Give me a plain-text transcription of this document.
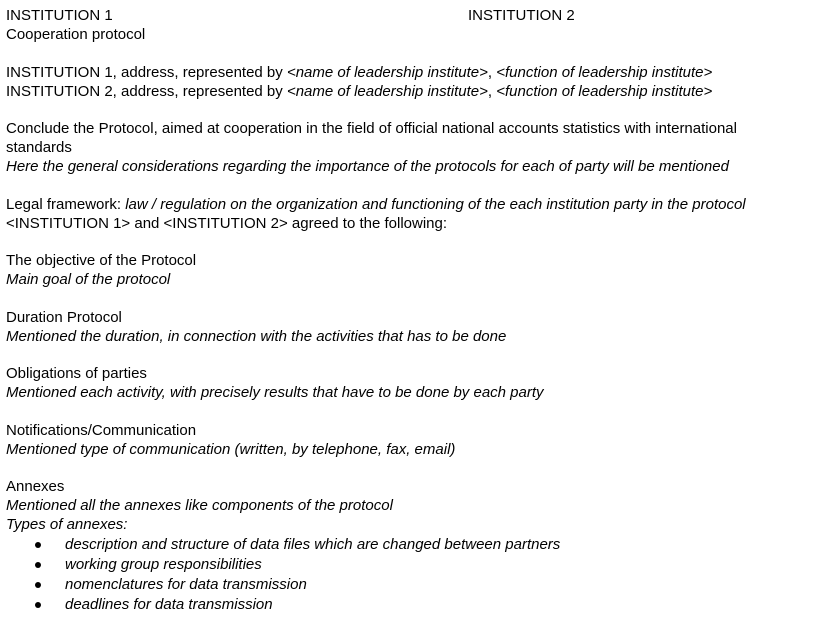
INSTITUTION 1	INSTITUTION 2
Cooperation protocol
INSTITUTION 1, address, represented by <name of leadership institute>, <function of leadership institute>
INSTITUTION 2, address, represented by <name of leadership institute>, <function of leadership institute>
Conclude the Protocol, aimed at cooperation in the field of official national accounts statistics with international
standards
Here the general considerations regarding the importance of the protocols for each of party will be mentioned
Legal framework: law / regulation on the organization and functioning of the each institution party in the protocol
<INSTITUTION 1> and <INSTITUTION 2> agreed to the following:
The objective of the Protocol
Main goal of the protocol
Duration Protocol
Mentioned the duration, in connection with the activities that has to be done
Obligations of parties
Mentioned each activity, with precisely results that have to be done by each party
Notifications/Communication
Mentioned type of communication (written, by telephone, fax, email)
Annexes
Mentioned all the annexes like components of the protocol
Types of annexes:
description and structure of data files which are changed between partners
working group responsibilities
nomenclatures for data transmission
deadlines for data transmission
